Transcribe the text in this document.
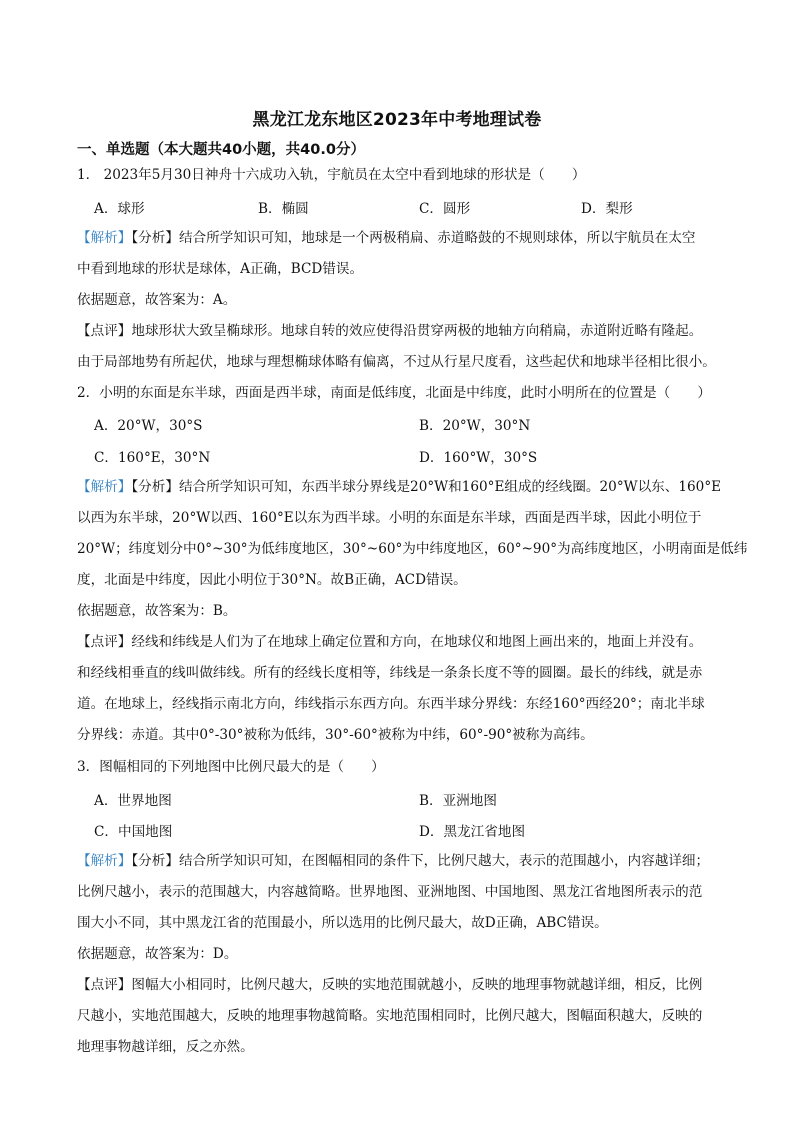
黑龙江龙东地区2023年中考地理试卷
一、单选题（本大题共40小题，共40.0分）
1． 2023年5月30日神舟十六成功入轨，宇航员在太空中看到地球的形状是（　　）
A．球形	B．椭圆	C．圆形	D．梨形
【解析】【分析】结合所学知识可知，地球是一个两极稍扁、赤道略鼓的不规则球体，所以宇航员在太空
中看到地球的形状是球体，A正确，BCD错误。
依据题意，故答案为：A。
【点评】地球形状大致呈椭球形。地球自转的效应使得沿贯穿两极的地轴方向稍扁，赤道附近略有隆起。
由于局部地势有所起伏，地球与理想椭球体略有偏离，不过从行星尺度看，这些起伏和地球半径相比很小。
2．小明的东面是东半球，西面是西半球，南面是低纬度，北面是中纬度，此时小明所在的位置是（　　）
A．20°W，30°S	B．20°W，30°N
C．160°E，30°N	D．160°W，30°S
【解析】【分析】结合所学知识可知，东西半球分界线是20°W和160°E组成的经线圈。20°W以东、160°E
以西为东半球，20°W以西、160°E以东为西半球。小明的东面是东半球，西面是西半球，因此小明位于
20°W；纬度划分中0°~30°为低纬度地区，30°~60°为中纬度地区，60°~90°为高纬度地区，小明南面是低纬
度，北面是中纬度，因此小明位于30°N。故B正确，ACD错误。
依据题意，故答案为：B。
【点评】经线和纬线是人们为了在地球上确定位置和方向，在地球仪和地图上画出来的，地面上并没有。
和经线相垂直的线叫做纬线。所有的经线长度相等，纬线是一条条长度不等的圆圈。最长的纬线，就是赤
道。在地球上，经线指示南北方向，纬线指示东西方向。东西半球分界线：东经160°西经20°；南北半球
分界线：赤道。其中0°-30°被称为低纬，30°-60°被称为中纬，60°-90°被称为高纬。
3．图幅相同的下列地图中比例尺最大的是（　　）
A．世界地图	B．亚洲地图
C．中国地图	D．黑龙江省地图
【解析】【分析】结合所学知识可知，在图幅相同的条件下，比例尺越大，表示的范围越小，内容越详细；
比例尺越小，表示的范围越大，内容越简略。世界地图、亚洲地图、中国地图、黑龙江省地图所表示的范
围大小不同，其中黑龙江省的范围最小，所以选用的比例尺最大，故D正确，ABC错误。
依据题意，故答案为：D。
【点评】图幅大小相同时，比例尺越大，反映的实地范围就越小，反映的地理事物就越详细，相反，比例
尺越小，实地范围越大，反映的地理事物越简略。实地范围相同时，比例尺越大，图幅面积越大，反映的
地理事物越详细，反之亦然。
